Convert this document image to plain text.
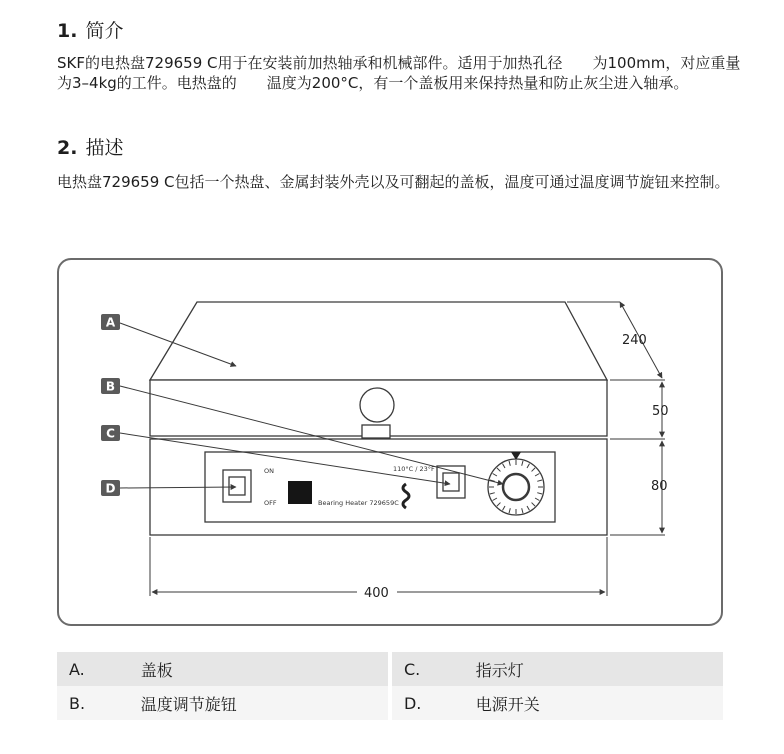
1. 简介

SKF的电热盘729659 C用于在安装前加热轴承和机械部件。适用于加热孔径　　为100mm，对应重量为3–4kg的工件。电热盘的　　温度为200°C，有一个盖板用来保持热量和防止灰尘进入轴承。

2. 描述

电热盘729659 C包括一个热盘、金属封装外壳以及可翻起的盖板，温度可通过温度调节旋钮来控制。

ON
OFF	Bearing Heater 729659C
110°C / 23°F
A
B
C
D
240
50
80
400
A.	盖板		C.	指示灯
B.	温度调节旋钮		D.	电源开关
